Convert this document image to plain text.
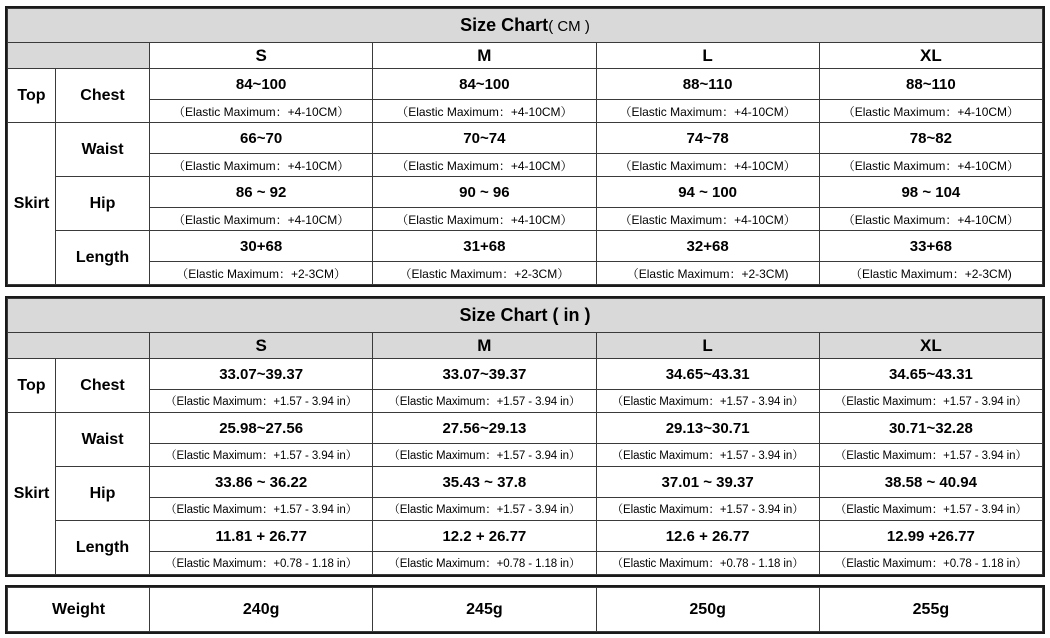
Size Chart( CM )					
		S	M	L	XL
Top	Chest	84~100	84~100	88~110	88~110
		（Elastic Maximum：+4-10CM）	（Elastic Maximum：+4-10CM）	（Elastic Maximum：+4-10CM）	（Elastic Maximum：+4-10CM）
Skirt	Waist	66~70	70~74	74~78	78~82
		（Elastic Maximum：+4-10CM）	（Elastic Maximum：+4-10CM）	（Elastic Maximum：+4-10CM）	（Elastic Maximum：+4-10CM）
	Hip	86 ~ 92	90 ~ 96	94 ~ 100	98 ~ 104
		（Elastic Maximum：+4-10CM）	（Elastic Maximum：+4-10CM）	（Elastic Maximum：+4-10CM）	（Elastic Maximum：+4-10CM）
	Length	30+68	31+68	32+68	33+68
		（Elastic Maximum：+2-3CM）	（Elastic Maximum：+2-3CM）	（Elastic Maximum：+2-3CM)	（Elastic Maximum：+2-3CM)
Size Chart ( in )					
		S	M	L	XL
Top	Chest	33.07~39.37	33.07~39.37	34.65~43.31	34.65~43.31
		（Elastic Maximum：+1.57 - 3.94 in）	（Elastic Maximum：+1.57 - 3.94 in）	（Elastic Maximum：+1.57 - 3.94 in）	（Elastic Maximum：+1.57 - 3.94 in）
Skirt	Waist	25.98~27.56	27.56~29.13	29.13~30.71	30.71~32.28
		（Elastic Maximum：+1.57 - 3.94 in）	（Elastic Maximum：+1.57 - 3.94 in）	（Elastic Maximum：+1.57 - 3.94 in）	（Elastic Maximum：+1.57 - 3.94 in）
	Hip	33.86 ~ 36.22	35.43 ~ 37.8	37.01 ~ 39.37	38.58 ~ 40.94
		（Elastic Maximum：+1.57 - 3.94 in）	（Elastic Maximum：+1.57 - 3.94 in）	（Elastic Maximum：+1.57 - 3.94 in）	（Elastic Maximum：+1.57 - 3.94 in）
	Length	11.81 + 26.77	12.2 + 26.77	12.6 + 26.77	12.99 +26.77
		（Elastic Maximum：+0.78 - 1.18 in）	（Elastic Maximum：+0.78 - 1.18 in）	（Elastic Maximum：+0.78 - 1.18 in）	（Elastic Maximum：+0.78 - 1.18 in）
Weight	240g	245g	250g	255g
